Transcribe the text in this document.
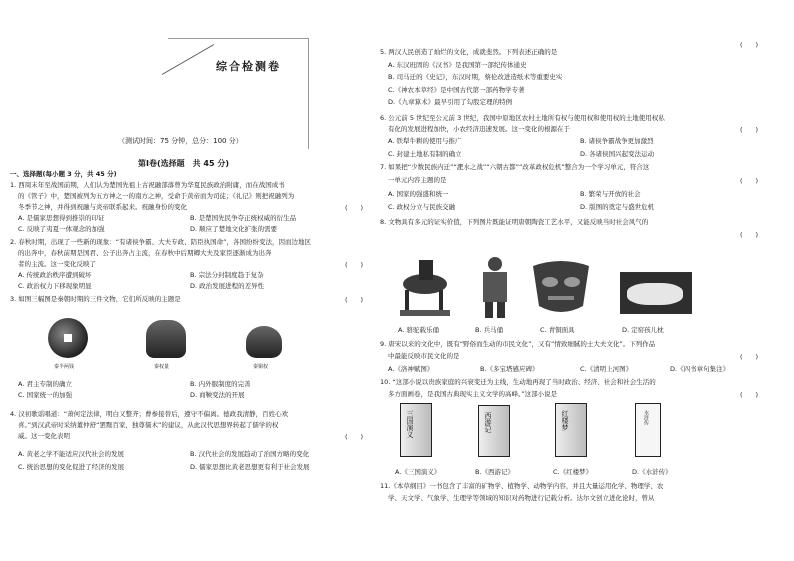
综合检测卷
（测试时间：75 分钟，总分：100 分）
第Ⅰ卷(选择题　共 45 分)
一、选择题(每小题 3 分，共 45 分)
1. 西周末年至战国前期，人们认为楚国先祖上古祝融部落曾为华夏民族政治附庸，而在战国成书
的《管子》中，楚国被列为五方神之一的南方之神，受命于黄帝而为司徒；《礼记》则把祝融列为
冬季节之神，并得到祝融与炎帝联系起来。祝融身份的变化	(　　)
A. 是儒家思想得到推崇的印证	B. 是楚国先民争夺正统权威的衍生品
C. 反映了夷夏一体观念的加强	D. 顺应了楚地文化扩张的需要
2. 春秋时期，出现了一些新的现象：“有诸侯争霸、大夫专政、陪臣执国命”，各国纷纷变法，因而边地区
的出奔中，春秋前期是国君、公子出奔占主流，在春秋中后期卿大夫及家臣逐渐成为出奔
者的主流。这一变化反映了	(　　)
A. 传统政治秩序遭到破坏	B. 宗法分封制度趋于复杂
C. 政治权力下移现象明显	D. 政治发展进程的差异性
3. 如图三幅图是秦朝时期的三件文物，它们所反映的主题是	(　　)
秦半两钱	秦权量	秦铜权
A. 君主专制的确立	B. 内外服制度的完善
C. 国家统一的加强	D. 商鞅变法的开展
4. 汉初歌谣唱道：“萧何定法律，明白又整齐；曹参接替后，遵守不偏离。德政我清静，百姓心欢
喜。”到汉武帝时采纳董仲舒“罢黜百家，独尊儒术”的建议，从此汉代思想界转起了儒学的权
威。这一变化表明	(　　)
A. 黄老之学不能适应汉代社会的发展	B. 汉代社会的发展趋动了治国方略的变化
C. 统治思想的变化促进了经济的发展	D. 儒家思想比黄老思想更有利于社会发展
(　　)
5. 两汉人民创造了灿烂的文化，成就斐然。下列表述正确的是
A. 东汉班固的《汉书》是我国第一部纪传体通史
B. 司马迁的《史记》，东汉时期，蔡伦改进造纸术等重要史实
C.《神农本草经》是中国古代第一部药物学专著
D.《九章算术》最早引用了勾股定理的特例
6. 公元前 5 世纪至公元前 3 世纪，我国中原地区农村土地所有权与使用权和使用权的土地使用权私
有化的发展进程加快，小农经济迅速发展。这一变化的根源在于	(　　)
A. 铁犁牛耕的使用与推广	B. 诸侯争霸战争更加激烈
C. 封建土地私有制的确立	D. 各诸侯国兴起变法运动
7. 如果把“少数民族内迁”“淝水之战”“六朝古都”“改革政权危机”整合为一个学习单元，符合这
一单元内容主题的是	(　　)
A. 国家的强盛和统一	B. 繁荣与开放的社会
C. 政权分立与民族交融	D. 版图的奠定与盛世危机
8. 文物具有多元的证实价值，下列图片既能证明唐朝陶瓷工艺水平，又能反映当时社会风气的
(　　)
A. 骆驼载乐俑	B. 兵马俑	C. 青铜面具	D. 定窑孩儿枕
9. 唐宋以来的文化中，既有“野俗而生动的市民文化”，又有“情致细腻的士大夫文化”。下列作品
中最能反映市民文化的是	(　　)
A.《洛神赋图》	B.《多宝塔感应碑》	C.《清明上河图》	D.《四书章句集注》
10. “这部小说以贵族家庭的兴衰变迁为主线，生动地再现了当时政治、经济、社会和社会生活的
多方面画卷，是我国古典现实主义文学的高峰。”这部小说是	(　　)
三国演义	西游记	红楼梦	水浒传
A.《三国演义》	B.《西游记》	C.《红楼梦》	D.《水浒传》
11.《本草纲目》一书包含了丰富的矿物学、植物学、动物学内容，并且大量运用化学、物理学、农
学、天文学、气象学、生理学等领域的知识对药物进行记载分析。达尔文创立进化论时，曾从
